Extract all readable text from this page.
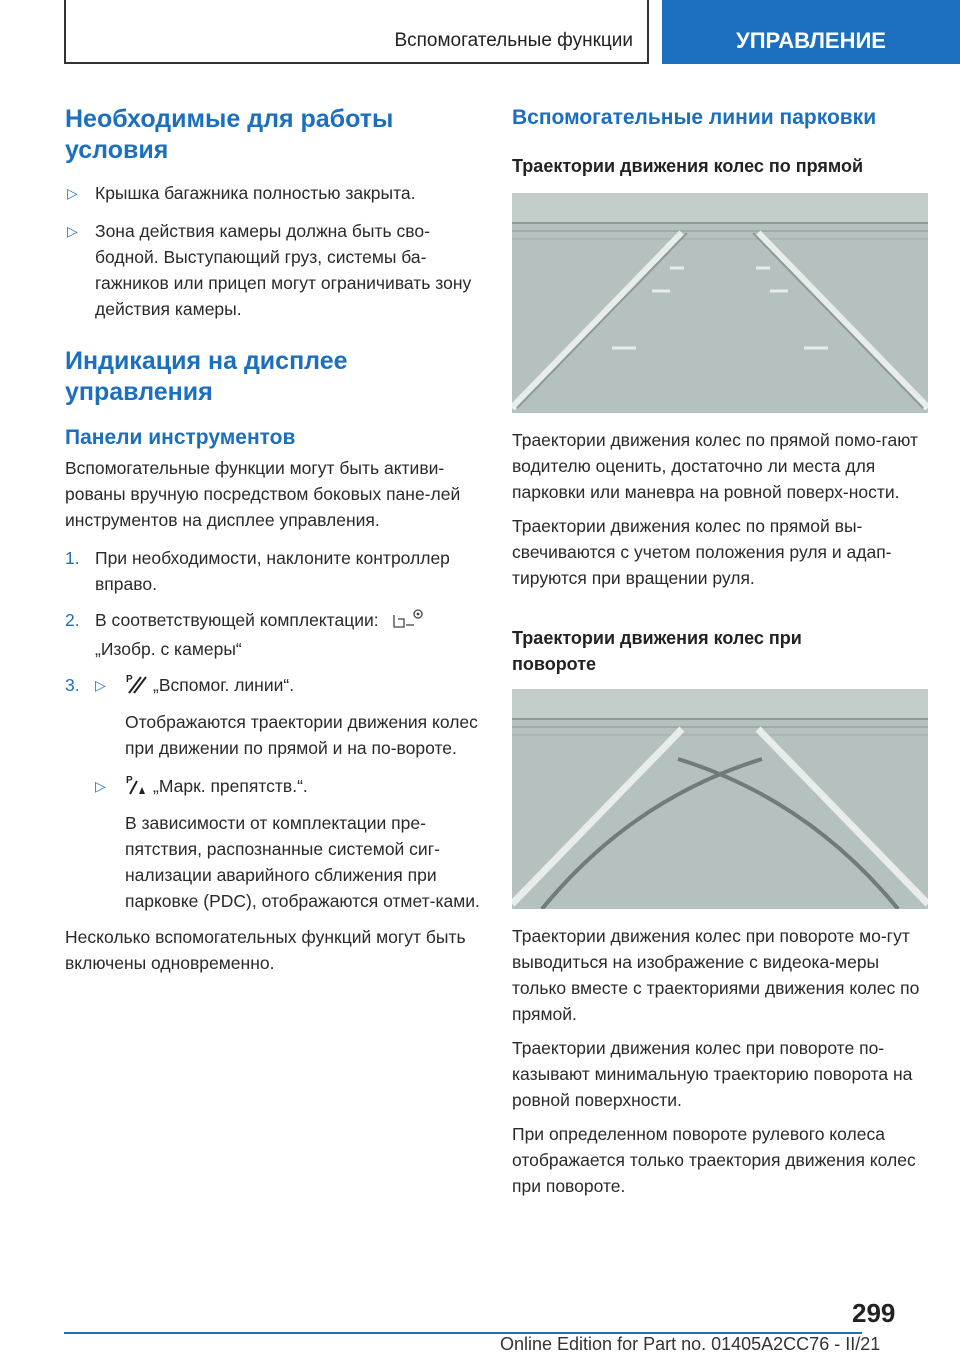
Вспомогательные функции	УПРАВЛЕНИЕ
Необходимые для работы условия
▷ Крышка багажника полностью закрыта.
▷ Зона действия камеры должна быть сво-бодной. Выступающий груз, системы ба-гажников или прицеп могут ограничивать зону действия камеры.
Индикация на дисплее управления
Панели инструментов

Вспомогательные функции могут быть активи-рованы вручную посредством боковых пане-лей инструментов на дисплее управления.

1. При необходимости, наклоните контроллер вправо.
2. В соответствующей комплектации:
„Изобр. с камеры“
3.	▷	P „Вспомог. линии“.

Отображаются траектории движения колес при движении по прямой и на по-вороте.

▷	P „Марк. препятств.“.

В зависимости от комплектации пре-пятствия, распознанные системой сиг-нализации аварийного сближения при парковке (PDC), отображаются отмет-ками.

Несколько вспомогательных функций могут быть включены одновременно.

Вспомогательные линии парковки
Траектории движения колес по прямой

Траектории движения колес по прямой помо-гают водителю оценить, достаточно ли места для парковки или маневра на ровной поверх-ности.

Траектории движения колес по прямой вы-свечиваются с учетом положения руля и адап-тируются при вращении руля.

Траектории движения колес при повороте

Траектории движения колес при повороте мо-гут выводиться на изображение с видеока-меры только вместе с траекториями движения колес по прямой.

Траектории движения колес при повороте по-казывают минимальную траекторию поворота на ровной поверхности.

При определенном повороте рулевого колеса отображается только траектория движения колес при повороте.

299
Online Edition for Part no. 01405A2CC76 - II/21
